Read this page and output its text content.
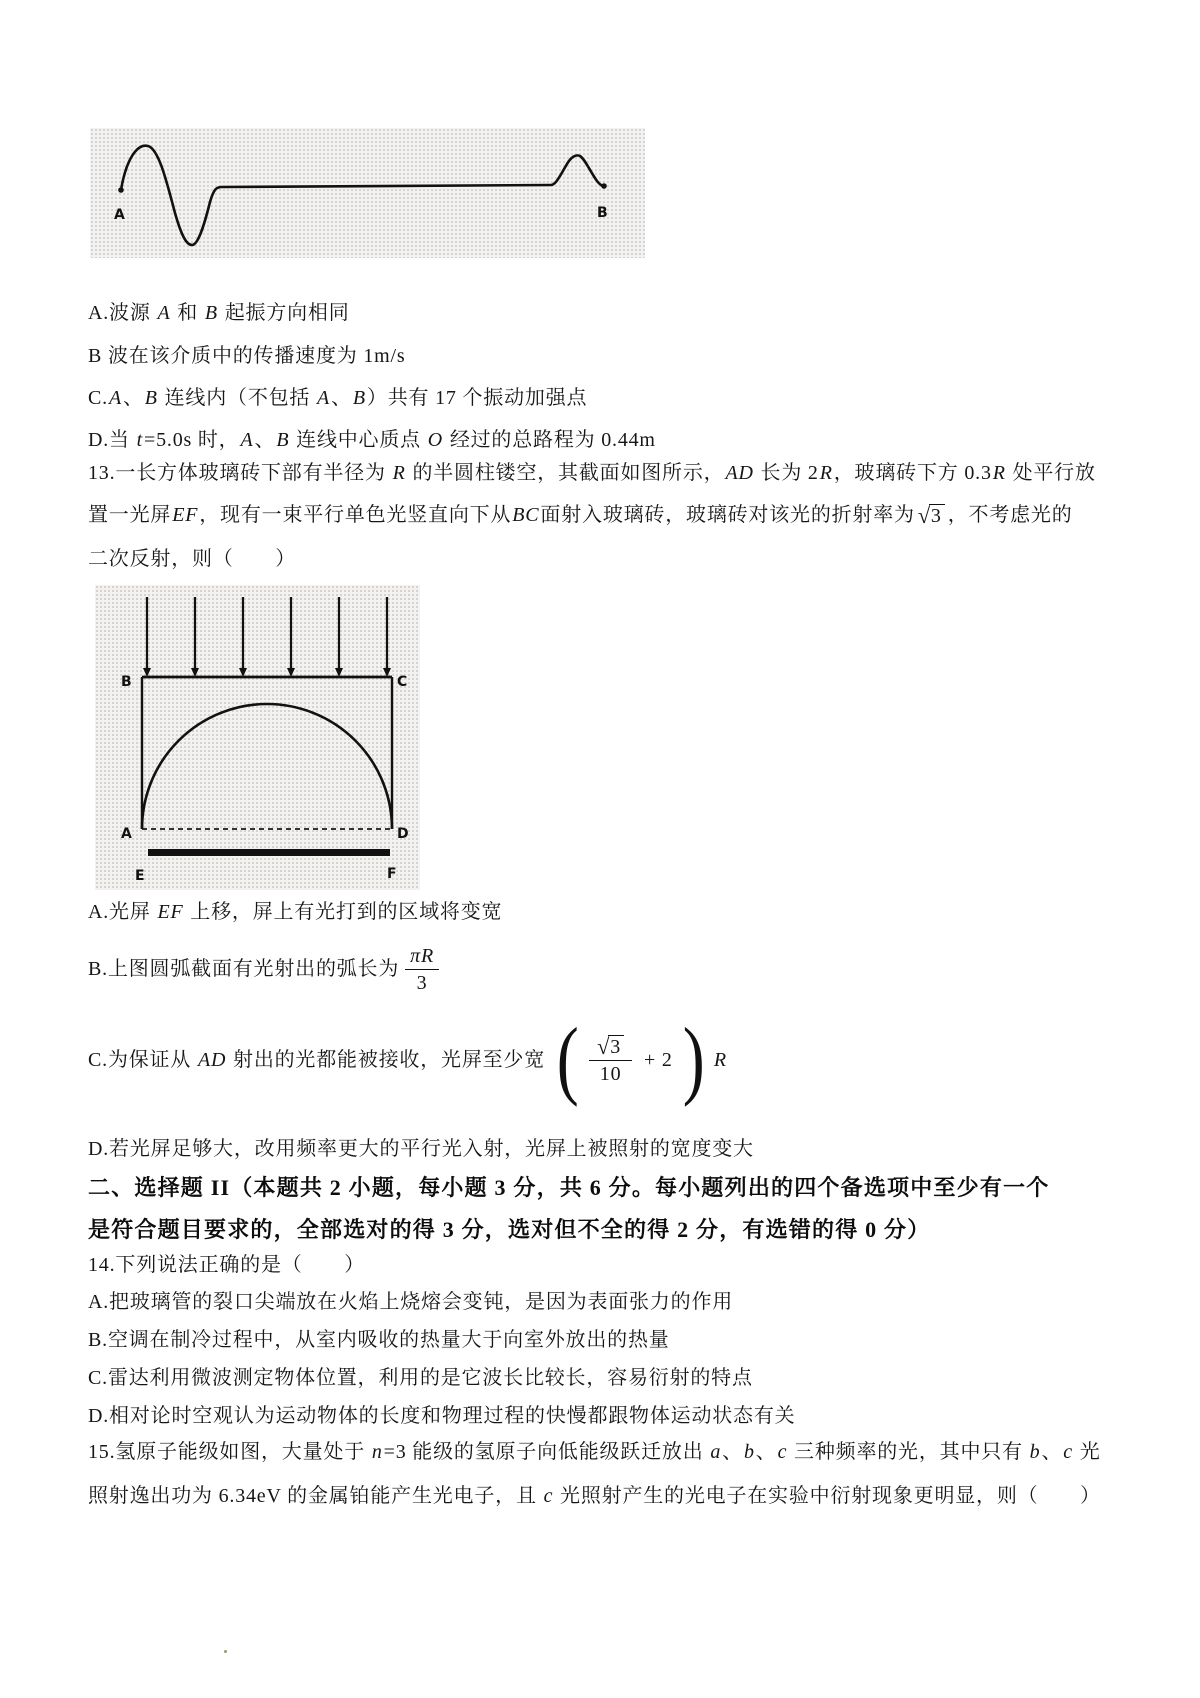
A	B
A.波源 A 和 B 起振方向相同
B 波在该介质中的传播速度为 1m/s
C.A、B 连线内（不包括 A、B）共有 17 个振动加强点
D.当 t=5.0s 时，A、B 连线中心质点 O 经过的总路程为 0.44m
13.一长方体玻璃砖下部有半径为 R 的半圆柱镂空，其截面如图所示，AD 长为 2R，玻璃砖下方 0.3R 处平行放
置一光屏 EF ，现有一束平行单色光竖直向下从 BC 面射入玻璃砖，玻璃砖对该光的折射率为 √ 3 ，不考虑光的
二次反射，则（　　）
B	C
A	D
E	F
A.光屏 EF 上移，屏上有光打到的区域将变宽
B.上图圆弧截面有光射出的弧长为 $\frac{\pi R}{3}$
C.为保证从 AD 射出的光都能被接收，光屏至少宽 ( $\frac{√ 3}{10} + 2$ ) R
D.若光屏足够大，改用频率更大的平行光入射，光屏上被照射的宽度变大
二、选择题 II（本题共 2 小题，每小题 3 分，共 6 分。每小题列出的四个备选项中至少有一个
是符合题目要求的，全部选对的得 3 分，选对但不全的得 2 分，有选错的得 0 分）
14.下列说法正确的是（　　）
A.把玻璃管的裂口尖端放在火焰上烧熔会变钝，是因为表面张力的作用
B.空调在制冷过程中，从室内吸收的热量大于向室外放出的热量
C.雷达利用微波测定物体位置，利用的是它波长比较长，容易衍射的特点
D.相对论时空观认为运动物体的长度和物理过程的快慢都跟物体运动状态有关
15.氢原子能级如图，大量处于 n=3 能级的氢原子向低能级跃迁放出 a、b、c 三种频率的光，其中只有 b、c 光
照射逸出功为 6.34eV 的金属铂能产生光电子，且 c 光照射产生的光电子在实验中衍射现象更明显，则（　　）
